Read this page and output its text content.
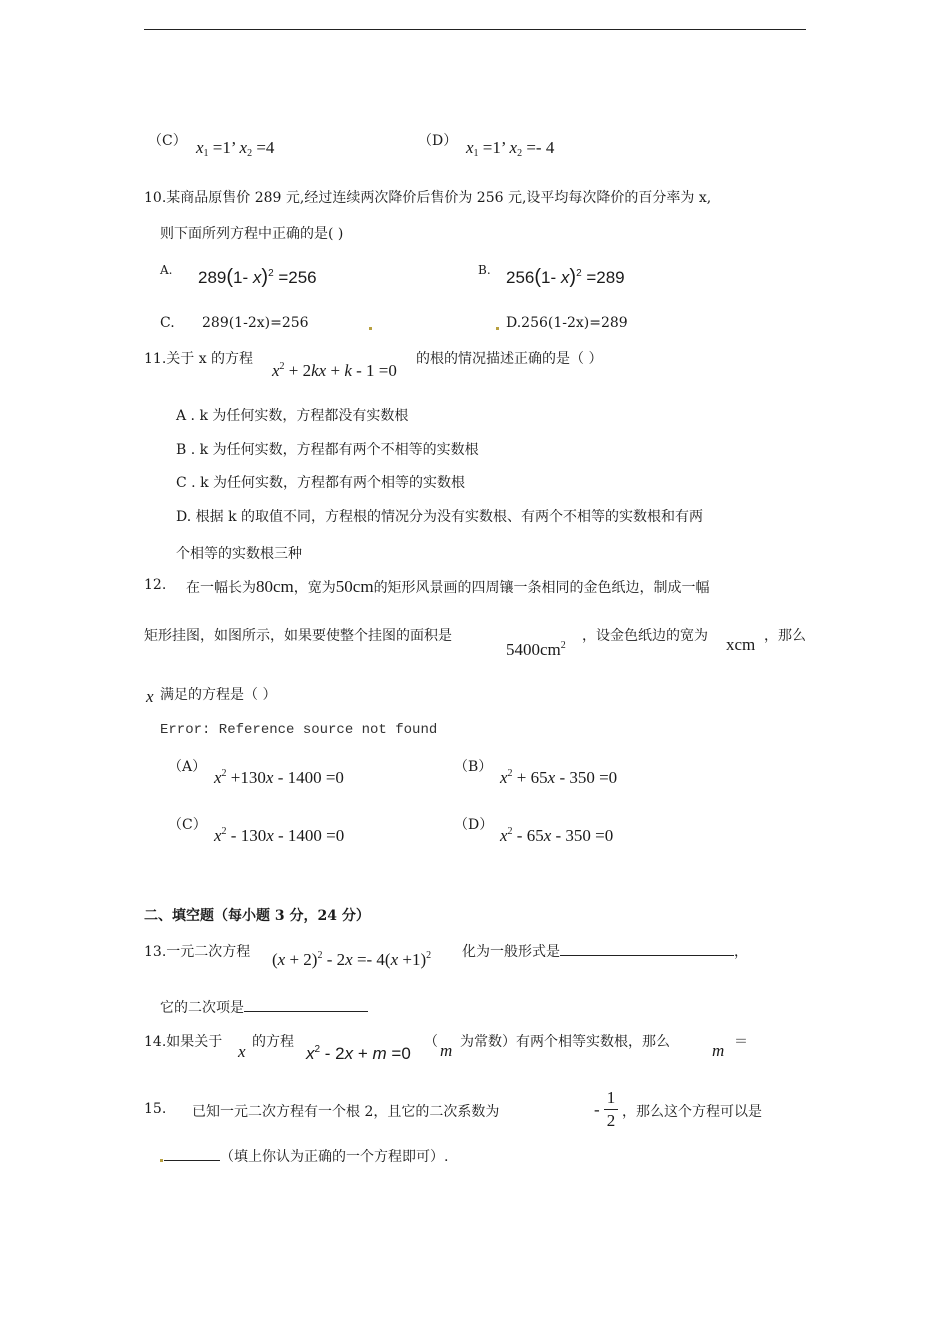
（C） $x_1 =1$’ $x_2 =4$	（D） $x_1 =1$’ $x_2 =- 4$
10.某商品原售价 289 元,经过连续两次降价后售价为 256 元,设平均每次降价的百分率为 x,
则下面所列方程中正确的是( )
A. 289(1- x)$^2$ =256	B. 256(1- x)$^2$ =289
C. 289(1-2x)=256	D.256(1-2x)=289
11.关于 x 的方程
$x^2 + 2kx + k - 1 =0$
的根的情况描述正确的是（ ）
A . k 为任何实数，方程都没有实数根
B . k 为任何实数，方程都有两个不相等的实数根
C . k 为任何实数，方程都有两个相等的实数根
D. 根据 k 的取值不同，方程根的情况分为没有实数根、有两个不相等的实数根和有两
个相等的实数根三种
12. 在一幅长为80cm，宽为50cm的矩形风景画的四周镶一条相同的金色纸边，制成一幅
矩形挂图，如图所示，如果要使整个挂图的面积是
$5400cm^2$
，设金色纸边的宽为 xcm ，那么
x 满足的方程是（ ）
Error: Reference source not found
（A）
$x^2 +130x - 1400 =0$
（B）
$x^2 + 65x - 350 =0$
（C）
$x^2 - 130x - 1400 =0$
（D）
$x^2 - 65x - 350 =0$
二、填空题（每小题 3 分，24 分）
13.一元二次方程 $(x + 2)^2 - 2x =- 4(x +1)^2$ 化为一般形式是	，
它的二次项是
14.如果关于 x 的方程
$x^2 - 2x + m =0$
（ m 为常数）有两个相等实数根，那么 m ＝
15. 已知一元二次方程有一个根 2，且它的二次系数为	-
1
2 ，那么这个方程可以是
（填上你认为正确的一个方程即可）.
